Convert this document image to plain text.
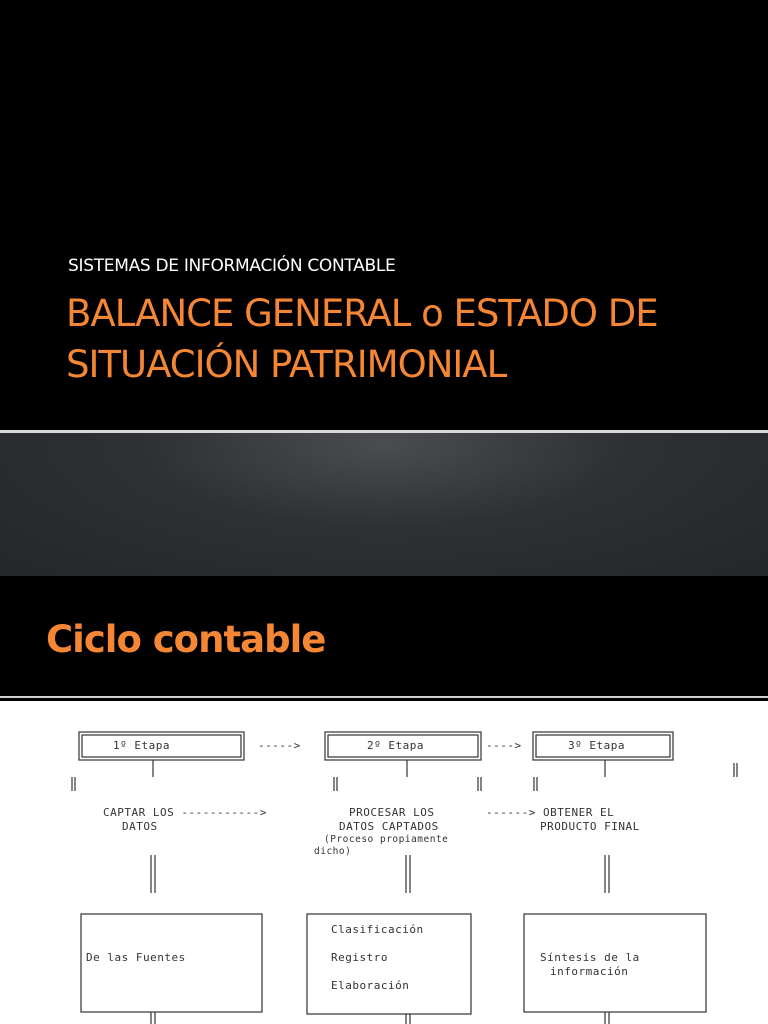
SISTEMAS DE INFORMACIÓN CONTABLE
BALANCE GENERAL o ESTADO DE
SITUACIÓN PATRIMONIAL
Ciclo contable
1º Etapa	----->	2º Etapa	---->	3º Etapa
CAPTAR LOS ----------->
DATOS
PROCESAR LOS
DATOS CAPTADOS
(Proceso propiamente
dicho)
------> OBTENER EL
PRODUCTO FINAL
De las Fuentes
Clasificación
Registro
Elaboración
Síntesis de la
información
